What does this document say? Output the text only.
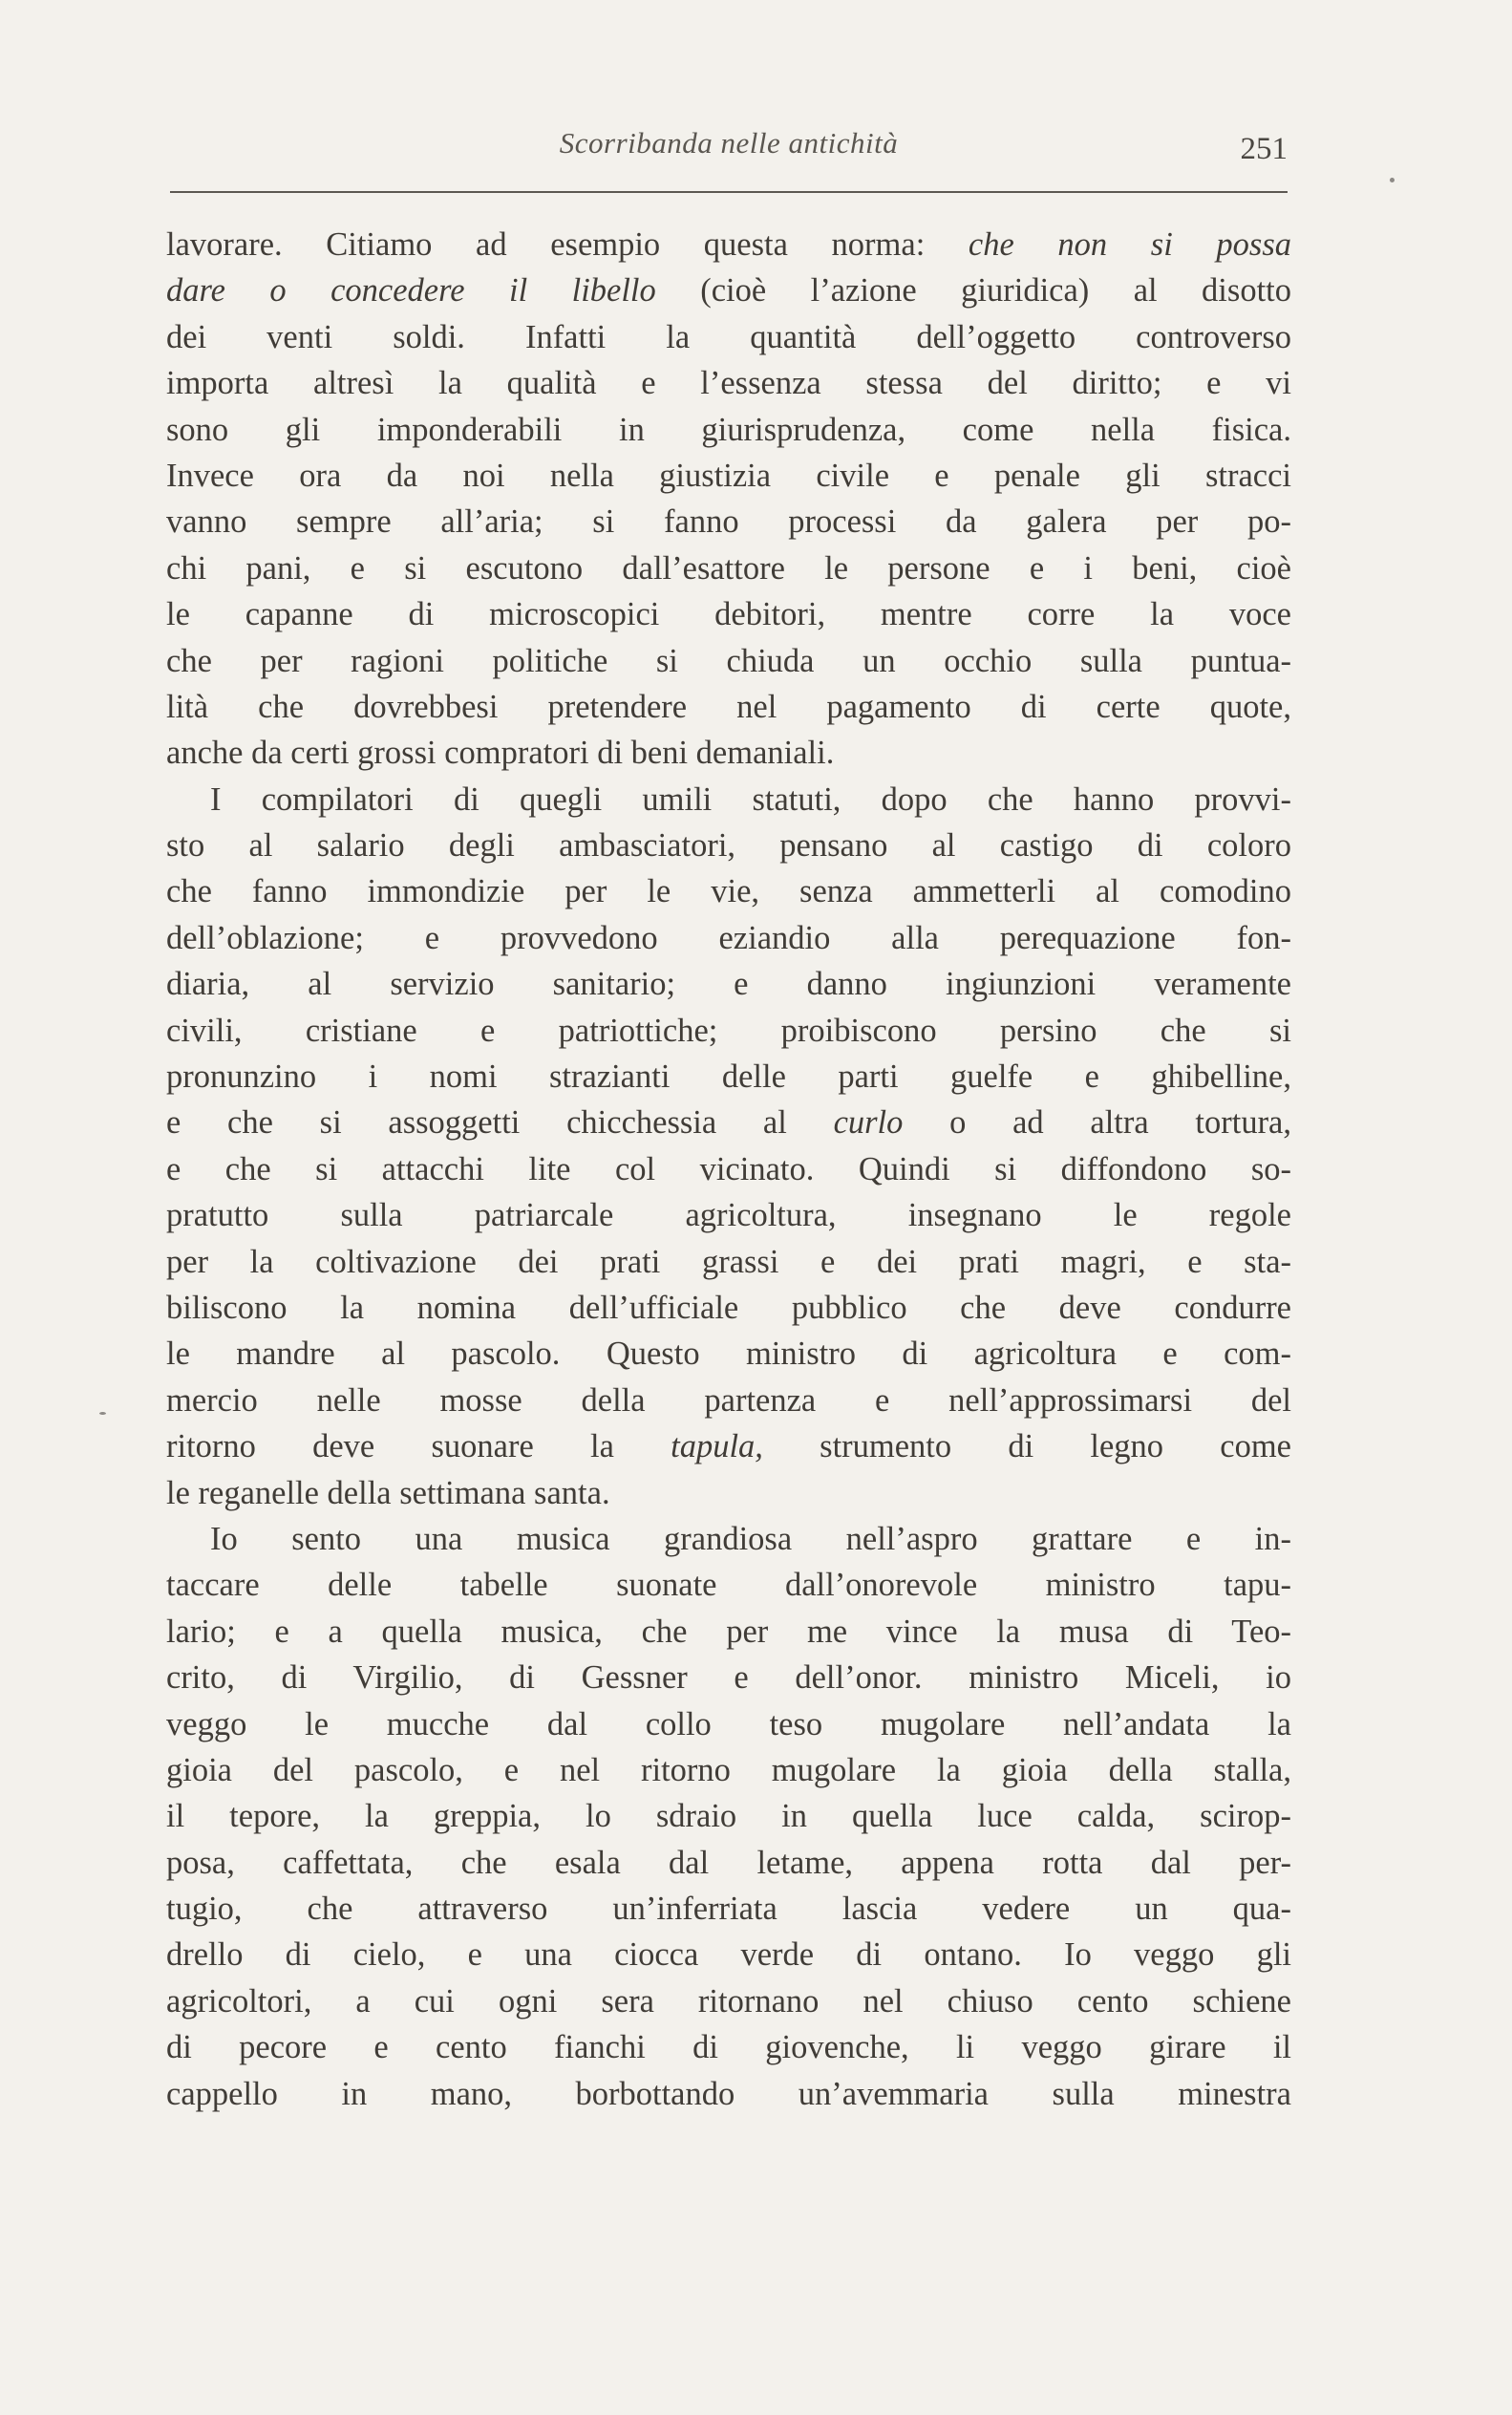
Scorribanda nelle antichità	251
lavorare. Citiamo ad esempio questa norma: che non si possa
dare o concedere il libello (cioè l’azione giuridica) al disotto
dei venti soldi. Infatti la quantità dell’oggetto controverso
importa altresì la qualità e l’essenza stessa del diritto; e vi
sono gli imponderabili in giurisprudenza, come nella fisica.
Invece ora da noi nella giustizia civile e penale gli stracci
vanno sempre all’aria; si fanno processi da galera per po-
chi pani, e si escutono dall’esattore le persone e i beni, cioè
le capanne di microscopici debitori, mentre corre la voce
che per ragioni politiche si chiuda un occhio sulla puntua-
lità che dovrebbesi pretendere nel pagamento di certe quote,
anche da certi grossi compratori di beni demaniali.
I compilatori di quegli umili statuti, dopo che hanno provvi-
sto al salario degli ambasciatori, pensano al castigo di coloro
che fanno immondizie per le vie, senza ammetterli al comodino
dell’oblazione; e provvedono eziandio alla perequazione fon-
diaria, al servizio sanitario; e danno ingiunzioni veramente
civili, cristiane e patriottiche; proibiscono persino che si
pronunzino i nomi strazianti delle parti guelfe e ghibelline,
e che si assoggetti chicchessia al curlo o ad altra tortura,
e che si attacchi lite col vicinato. Quindi si diffondono so-
pratutto sulla patriarcale agricoltura, insegnano le regole
per la coltivazione dei prati grassi e dei prati magri, e sta-
biliscono la nomina dell’ufficiale pubblico che deve condurre
le mandre al pascolo. Questo ministro di agricoltura e com-
mercio nelle mosse della partenza e nell’approssimarsi del
ritorno deve suonare la tapula, strumento di legno come
le reganelle della settimana santa.
Io sento una musica grandiosa nell’aspro grattare e in-
taccare delle tabelle suonate dall’onorevole ministro tapu-
lario; e a quella musica, che per me vince la musa di Teo-
crito, di Virgilio, di Gessner e dell’onor. ministro Miceli, io
veggo le mucche dal collo teso mugolare nell’andata la
gioia del pascolo, e nel ritorno mugolare la gioia della stalla,
il tepore, la greppia, lo sdraio in quella luce calda, scirop-
posa, caffettata, che esala dal letame, appena rotta dal per-
tugio, che attraverso un’inferriata lascia vedere un qua-
drello di cielo, e una ciocca verde di ontano. Io veggo gli
agricoltori, a cui ogni sera ritornano nel chiuso cento schiene
di pecore e cento fianchi di giovenche, li veggo girare il
cappello in mano, borbottando un’avemmaria sulla minestra
